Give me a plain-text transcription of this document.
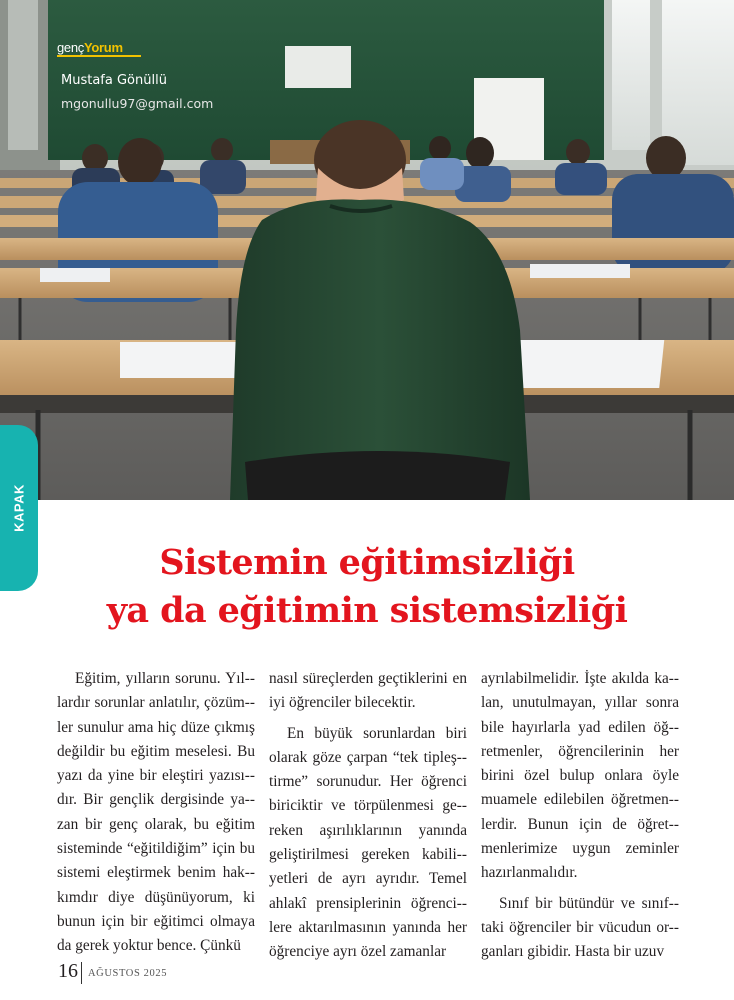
gençYorum
Mustafa Gönüllü
mgonullu97@gmail.com
KAPAK
Sistemin eğitimsizliği
ya da eğitimin sistemsizliği

Eğitim, yılların sorunu. Yıl-lardır sorunlar anlatılır, çözüm-ler sunulur ama hiç düze çıkmış değildir bu eğitim meselesi. Bu yazı da yine bir eleştiri yazısı-dır. Bir gençlik dergisinde ya-zan bir genç olarak, bu eğitim sisteminde “eğitildiğim” için bu sistemi eleştirmek benim hak-kımdır diye düşünüyorum, ki bunun için bir eğitimci olmaya da gerek yoktur bence. Çünkü

nasıl süreçlerden geçtiklerini en iyi öğrenciler bilecektir.

En büyük sorunlardan biri olarak göze çarpan “tek tipleş-tirme” sorunudur. Her öğrenci biriciktir ve törpülenmesi ge-reken aşırılıklarının yanında geliştirilmesi gereken kabili-yetleri de ayrı ayrıdır. Temel ahlakî prensiplerinin öğrenci-lere aktarılmasının yanında her öğrenciye ayrı özel zamanlar

ayrılabilmelidir. İşte akılda ka-lan, unutulmayan, yıllar sonra bile hayırlarla yad edilen öğ-retmenler, öğrencilerinin her birini özel bulup onlara öyle muamele edilebilen öğretmen-lerdir. Bunun için de öğret-menlerimize uygun zeminler hazırlanmalıdır.

Sınıf bir bütündür ve sınıf-taki öğrenciler bir vücudun or-ganları gibidir. Hasta bir uzuv

16 AĞUSTOS 2025
